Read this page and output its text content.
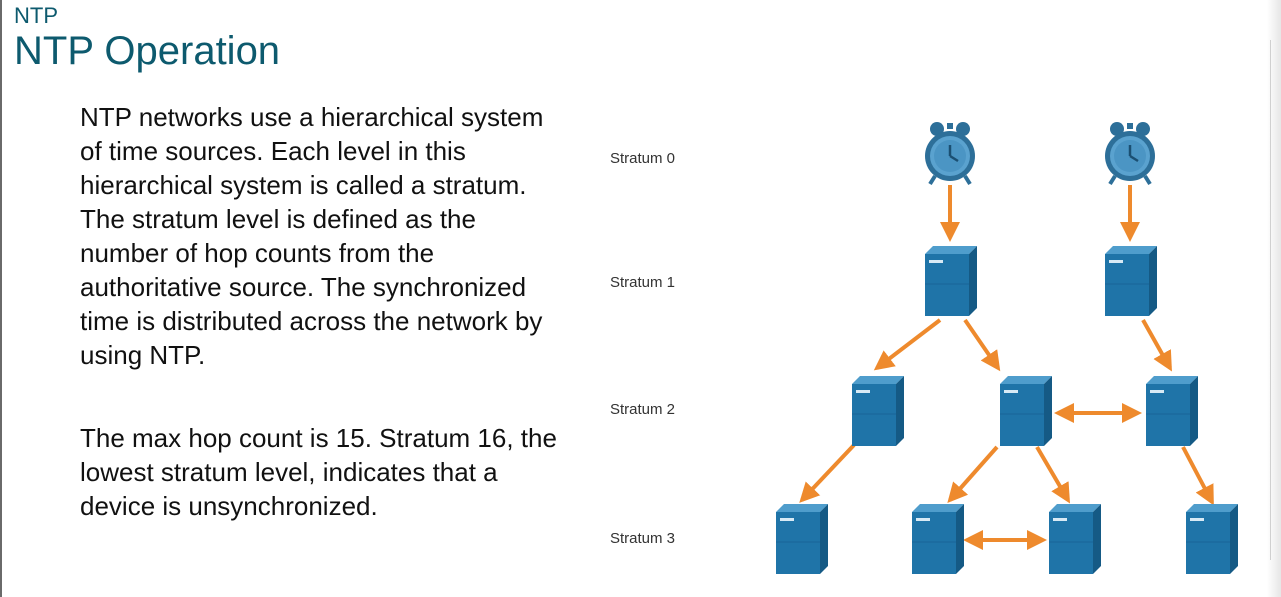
NTP
NTP Operation
NTP networks use a hierarchical system of time sources. Each level in this hierarchical system is called a stratum. The stratum level is defined as the number of hop counts from the authoritative source. The synchronized time is distributed across the network by using NTP.
The max hop count is 15. Stratum 16, the lowest stratum level, indicates that a device is unsynchronized.
Stratum 0
Stratum 1
Stratum 2
Stratum 3
